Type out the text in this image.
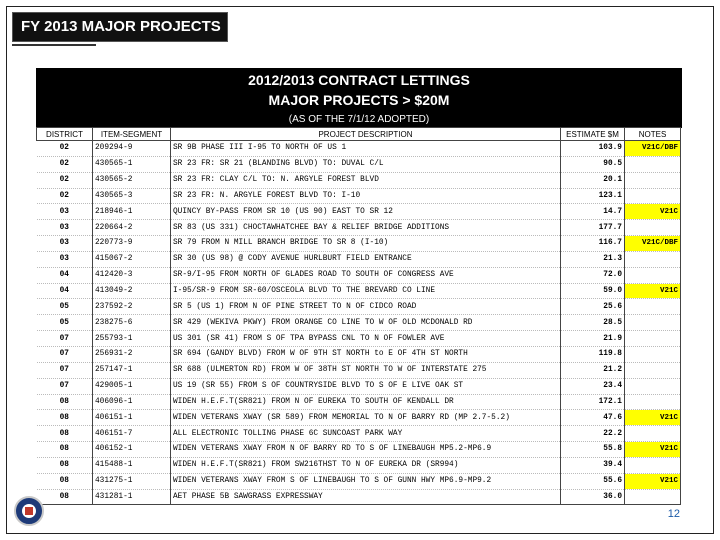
FY 2013 MAJOR PROJECTS
2012/2013 CONTRACT LETTINGS
MAJOR PROJECTS > $20M
(AS OF THE 7/1/12 ADOPTED)
DISTRICT	ITEM-SEGMENT	PROJECT DESCRIPTION	ESTIMATE $M	NOTES
02	209294-9	SR 9B PHASE III I-95 TO NORTH OF US 1	103.9	V21C/DBF
02	430565-1	SR 23 FR: SR 21 (BLANDING BLVD) TO: DUVAL C/L	90.5	
02	430565-2	SR 23 FR: CLAY C/L TO: N. ARGYLE FOREST BLVD	20.1	
02	430565-3	SR 23 FR: N. ARGYLE FOREST BLVD TO: I-10	123.1	
03	218946-1	QUINCY BY-PASS FROM SR 10 (US 90) EAST TO SR 12	14.7	V21C
03	220664-2	SR 83 (US 331) CHOCTAWHATCHEE BAY & RELIEF BRIDGE ADDITIONS	177.7	
03	220773-9	SR 79 FROM N MILL BRANCH BRIDGE TO SR 8 (I-10)	116.7	V21C/DBF
03	415067-2	SR 30 (US 98) @ CODY AVENUE HURLBURT FIELD ENTRANCE	21.3	
04	412420-3	SR-9/I-95 FROM NORTH OF GLADES ROAD TO SOUTH OF CONGRESS AVE	72.0	
04	413049-2	I-95/SR-9 FROM SR-60/OSCEOLA BLVD TO THE BREVARD CO LINE	59.0	V21C
05	237592-2	SR 5 (US 1) FROM N OF PINE STREET TO N OF CIDCO ROAD	25.6	
05	238275-6	SR 429 (WEKIVA PKWY) FROM ORANGE CO LINE TO W OF OLD MCDONALD RD	28.5	
07	255793-1	US 301 (SR 41) FROM S OF TPA BYPASS CNL TO N OF FOWLER AVE	21.9	
07	256931-2	SR 694 (GANDY BLVD) FROM W OF 9TH ST NORTH to E OF 4TH ST NORTH	119.8	
07	257147-1	SR 688 (ULMERTON RD) FROM W OF 38TH ST NORTH TO W OF INTERSTATE 275	21.2	
07	429005-1	US 19 (SR 55) FROM S OF COUNTRYSIDE BLVD TO S OF E LIVE OAK ST	23.4	
08	406096-1	WIDEN H.E.F.T(SR821) FROM N OF EUREKA TO SOUTH OF KENDALL DR	172.1	
08	406151-1	WIDEN VETERANS XWAY (SR 589) FROM MEMORIAL TO N OF BARRY RD (MP 2.7-5.2)	47.6	V21C
08	406151-7	ALL ELECTRONIC TOLLING PHASE 6C SUNCOAST PARK WAY	22.2	
08	406152-1	WIDEN VETERANS XWAY FROM N OF BARRY RD TO S OF LINEBAUGH MP5.2-MP6.9	55.8	V21C
08	415488-1	WIDEN H.E.F.T(SR821) FROM SW216THST TO N OF EUREKA DR (SR994)	39.4	
08	431275-1	WIDEN VETERANS XWAY FROM S OF LINEBAUGH TO S OF GUNN HWY MP6.9-MP9.2	55.6	V21C
08	431281-1	AET PHASE 5B SAWGRASS EXPRESSWAY	36.0	
12
